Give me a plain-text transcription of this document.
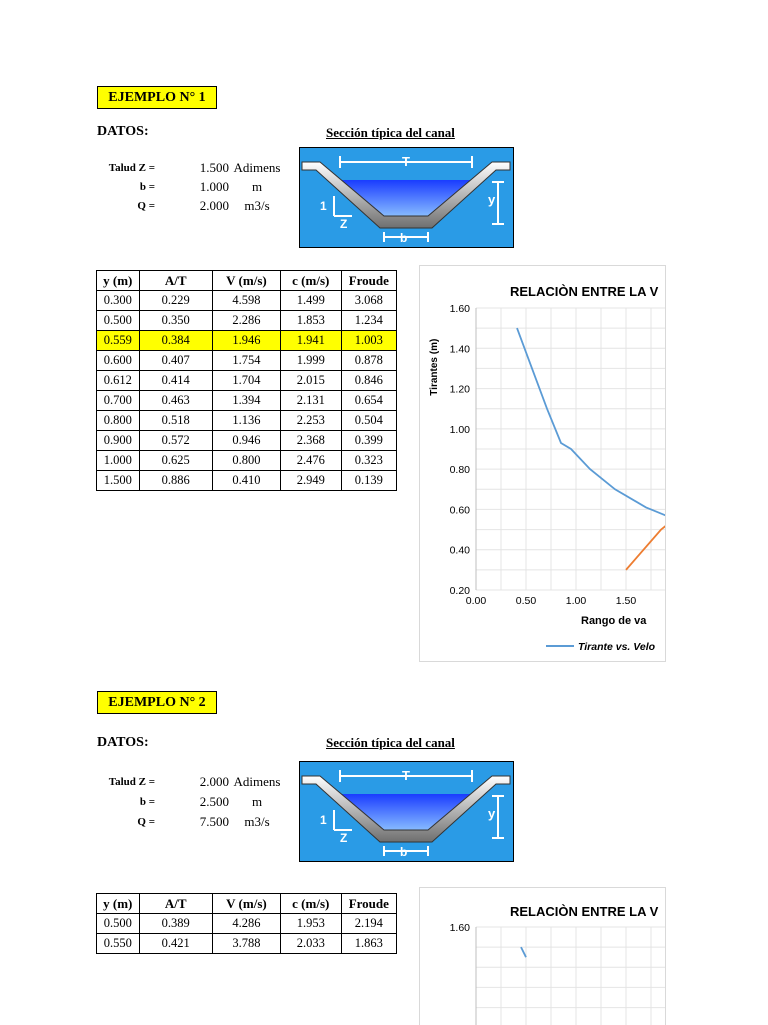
EJEMPLO N° 1
DATOS:	Sección típica del canal
Talud Z =	1.500 Adimens
b =	1.000	m
Q =	2.000	m3/s
T
y
1
Z
b
y (m)	A/T	V (m/s)	c (m/s)	Froude
0.300	0.229	4.598	1.499	3.068
0.500	0.350	2.286	1.853	1.234
0.559	0.384	1.946	1.941	1.003
0.600	0.407	1.754	1.999	0.878
0.612	0.414	1.704	2.015	0.846
0.700	0.463	1.394	2.131	0.654
0.800	0.518	1.136	2.253	0.504
0.900	0.572	0.946	2.368	0.399
1.000	0.625	0.800	2.476	0.323
1.500	0.886	0.410	2.949	0.139
RELACIÒN ENTRE LA V
0.20
0.40
0.60
0.80
1.00
1.20
1.40
1.60
0.00	0.50	1.00	1.50
Tirantes (m)
Rango de va
Tirante vs. Velo
EJEMPLO N° 2
DATOS:	Sección típica del canal
Talud Z =	2.000 Adimens
b =	2.500	m
Q =	7.500	m3/s
T
y
1
Z
b
y (m)	A/T	V (m/s)	c (m/s)	Froude
0.500	0.389	4.286	1.953	2.194
0.550	0.421	3.788	2.033	1.863
RELACIÒN ENTRE LA V
1.60
